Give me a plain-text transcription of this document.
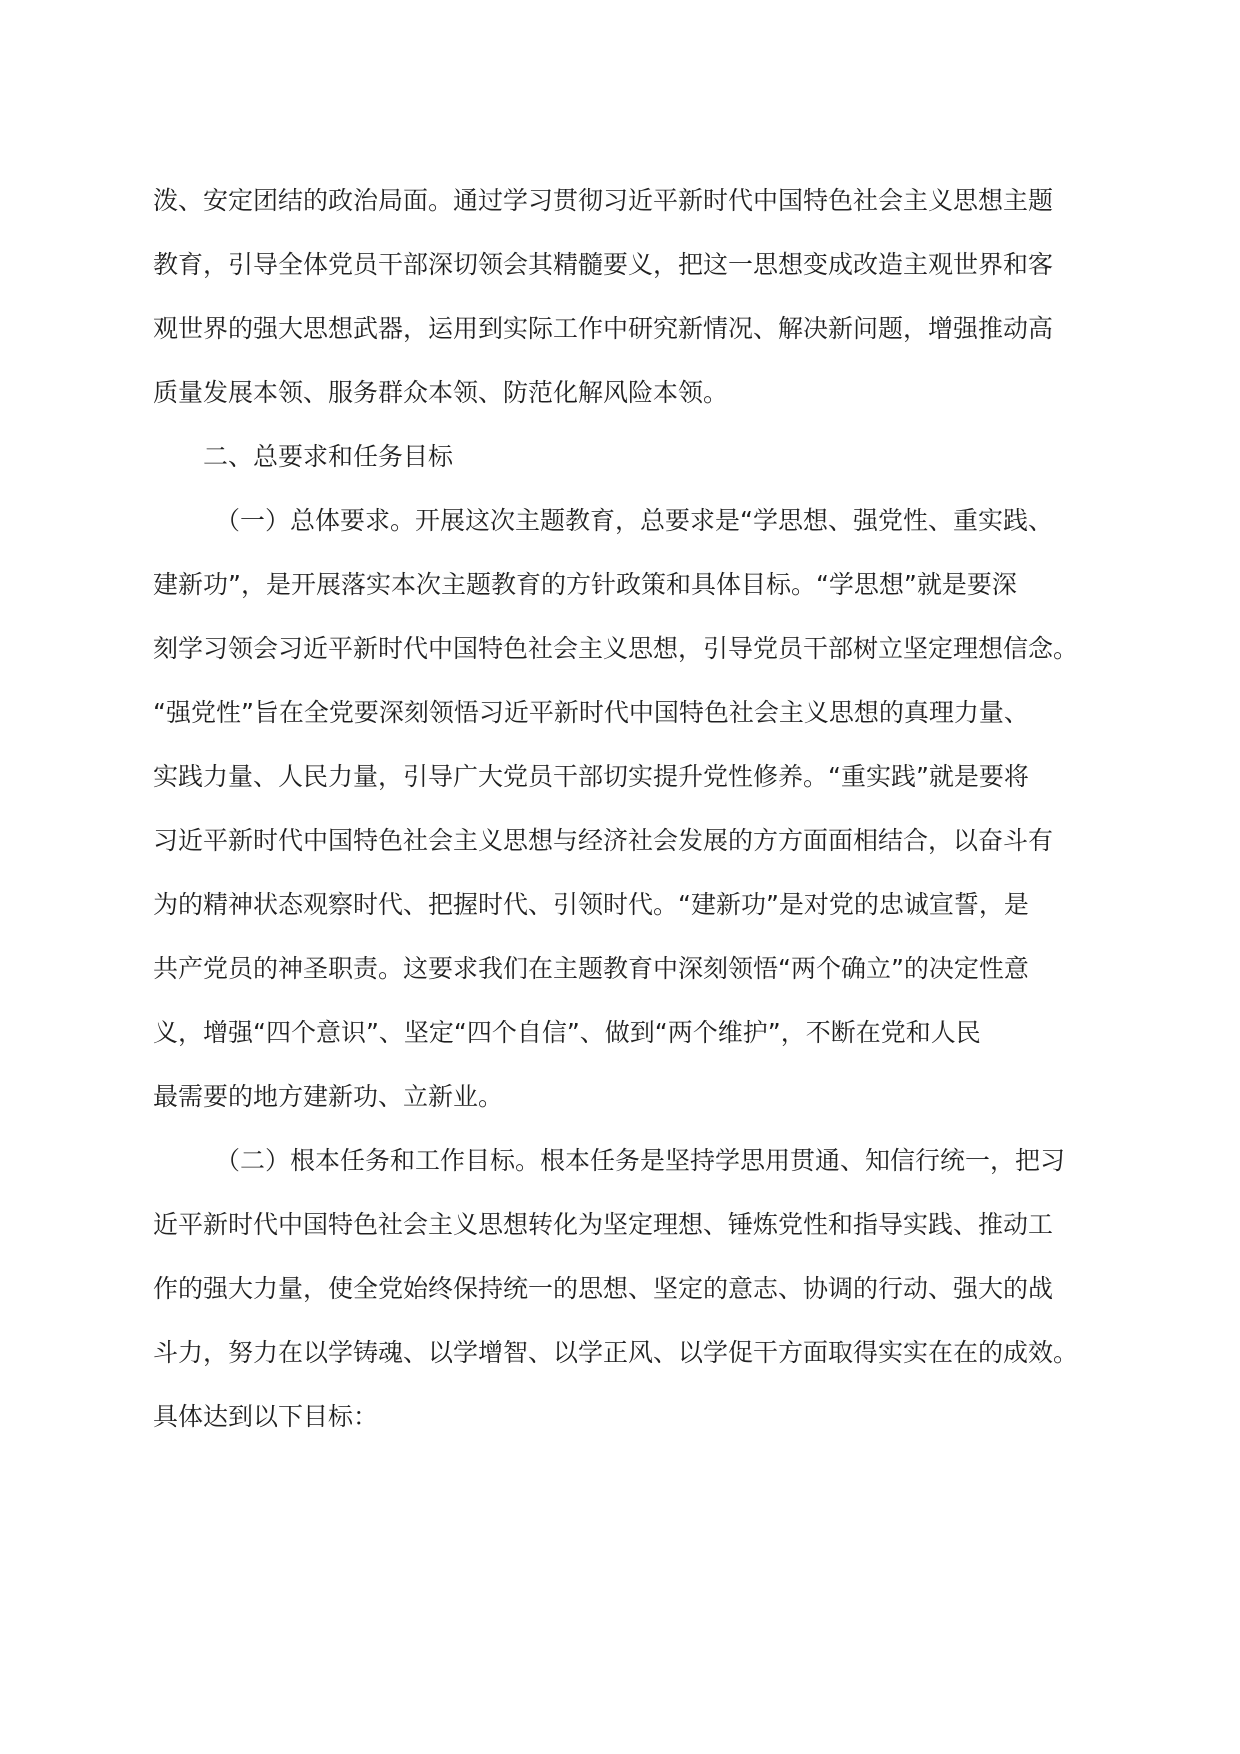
泼、安定团结的政治局面。通过学习贯彻习近平新时代中国特色社会主义思想主题
教育，引导全体党员干部深切领会其精髓要义，把这一思想变成改造主观世界和客
观世界的强大思想武器，运用到实际工作中研究新情况、解决新问题，增强推动高
质量发展本领、服务群众本领、防范化解风险本领。
二、总要求和任务目标
（一）总体要求。开展这次主题教育，总要求是“学思想、强党性、重实践、
建新功”，是开展落实本次主题教育的方针政策和具体目标。“学思想”就是要深
刻学习领会习近平新时代中国特色社会主义思想，引导党员干部树立坚定理想信念。
“强党性”旨在全党要深刻领悟习近平新时代中国特色社会主义思想的真理力量、
实践力量、人民力量，引导广大党员干部切实提升党性修养。“重实践”就是要将
习近平新时代中国特色社会主义思想与经济社会发展的方方面面相结合，以奋斗有
为的精神状态观察时代、把握时代、引领时代。“建新功”是对党的忠诚宣誓，是
共产党员的神圣职责。这要求我们在主题教育中深刻领悟“两个确立”的决定性意
义，增强“四个意识”、坚定“四个自信”、做到“两个维护”，不断在党和人民
最需要的地方建新功、立新业。
（二）根本任务和工作目标。根本任务是坚持学思用贯通、知信行统一，把习
近平新时代中国特色社会主义思想转化为坚定理想、锤炼党性和指导实践、推动工
作的强大力量，使全党始终保持统一的思想、坚定的意志、协调的行动、强大的战
斗力，努力在以学铸魂、以学增智、以学正风、以学促干方面取得实实在在的成效。
具体达到以下目标：
